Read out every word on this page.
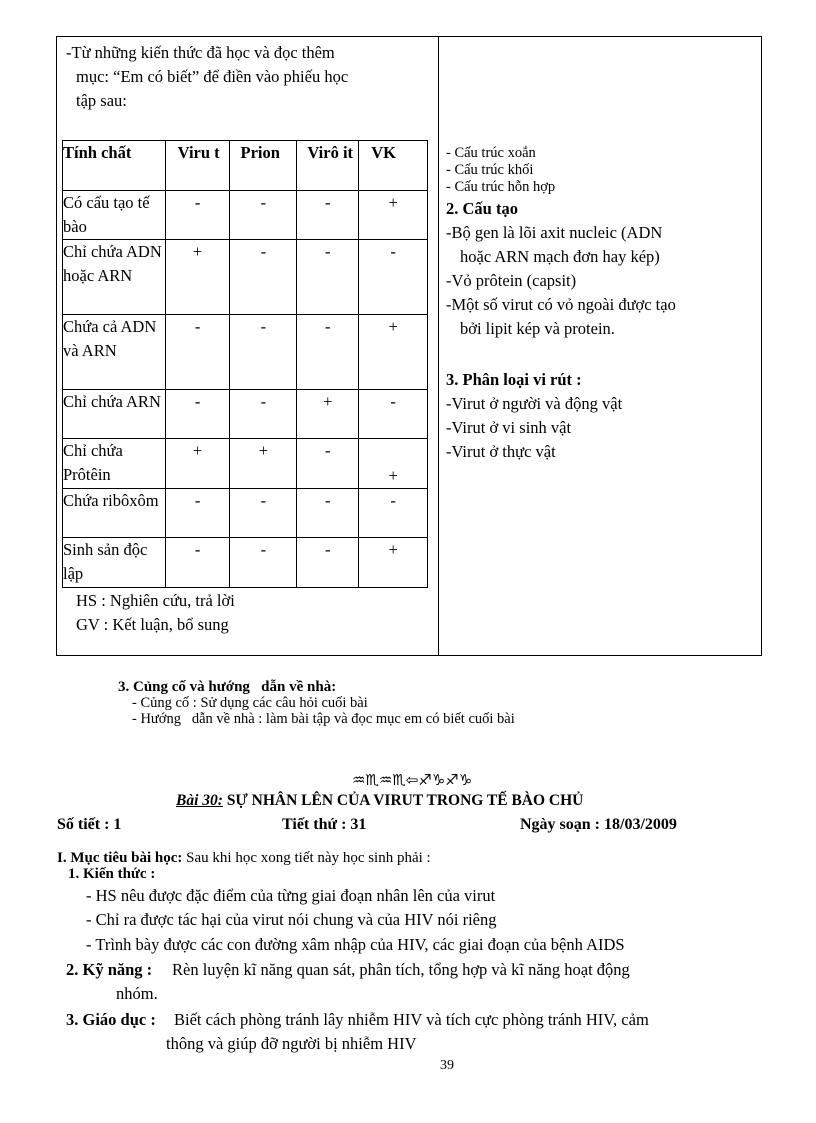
-Từ những kiến thức đã học và đọc thêm
mục: “Em có biết” để điền vào phiếu học
tập sau:
Tính chất	Viru t	Prion	Virô it	VK
Có cấu tạo tế bào	-	-	-	+
Chỉ chứa ADN hoặc ARN	+	-	-	-
Chứa cả ADN và ARN	-	-	-	+
Chỉ chứa ARN	-	-	+	-
Chỉ chứa Prôtêin	+	+	-	+
Chứa ribôxôm	-	-	-	-
Sinh sản độc lập	-	-	-	+
HS : Nghiên cứu, trả lời
GV : Kết luận, bổ sung
- Cấu trúc xoắn
- Cấu trúc khối
- Cấu trúc hỗn hợp
2. Cấu tạo
-Bộ gen là lõi axit nucleic (ADN
hoặc ARN mạch đơn hay kép)
-Vỏ prôtein (capsit)
-Một số virut có vỏ ngoài được tạo
bởi lipit kép và protein.
3. Phân loại vi rút :
-Virut ở người và động vật
-Virut ở vi sinh vật
-Virut ở thực vật
3. Củng cố và hướng   dẫn về nhà:
- Củng cố : Sử dụng các câu hỏi cuối bài
- Hướng   dẫn về nhà : làm bài tập và đọc mục em có biết cuối bài
♒♏♒♏⇦♐♑♐♑
Bài 30: SỰ NHÂN LÊN CỦA VIRUT TRONG TẾ BÀO CHỦ
Số tiết : 1	Tiết thứ : 31	Ngày soạn : 18/03/2009
I. Mục tiêu bài học: Sau khi học xong tiết này học sinh phải :
1. Kiến thức :
- HS nêu được đặc điểm của từng giai đoạn nhân lên của virut
- Chỉ ra được tác hại của virut nói chung và của HIV nói riêng
- Trình bày được các con đường xâm nhập của HIV, các giai đoạn của bệnh AIDS
2. Kỹ năng : Rèn luyện kĩ năng quan sát, phân tích, tổng hợp và kĩ năng hoạt động
nhóm.
3. Giáo dục : Biết cách phòng tránh lây nhiễm HIV và tích cực phòng tránh HIV, cảm
thông và giúp đỡ người bị nhiễm HIV
39
